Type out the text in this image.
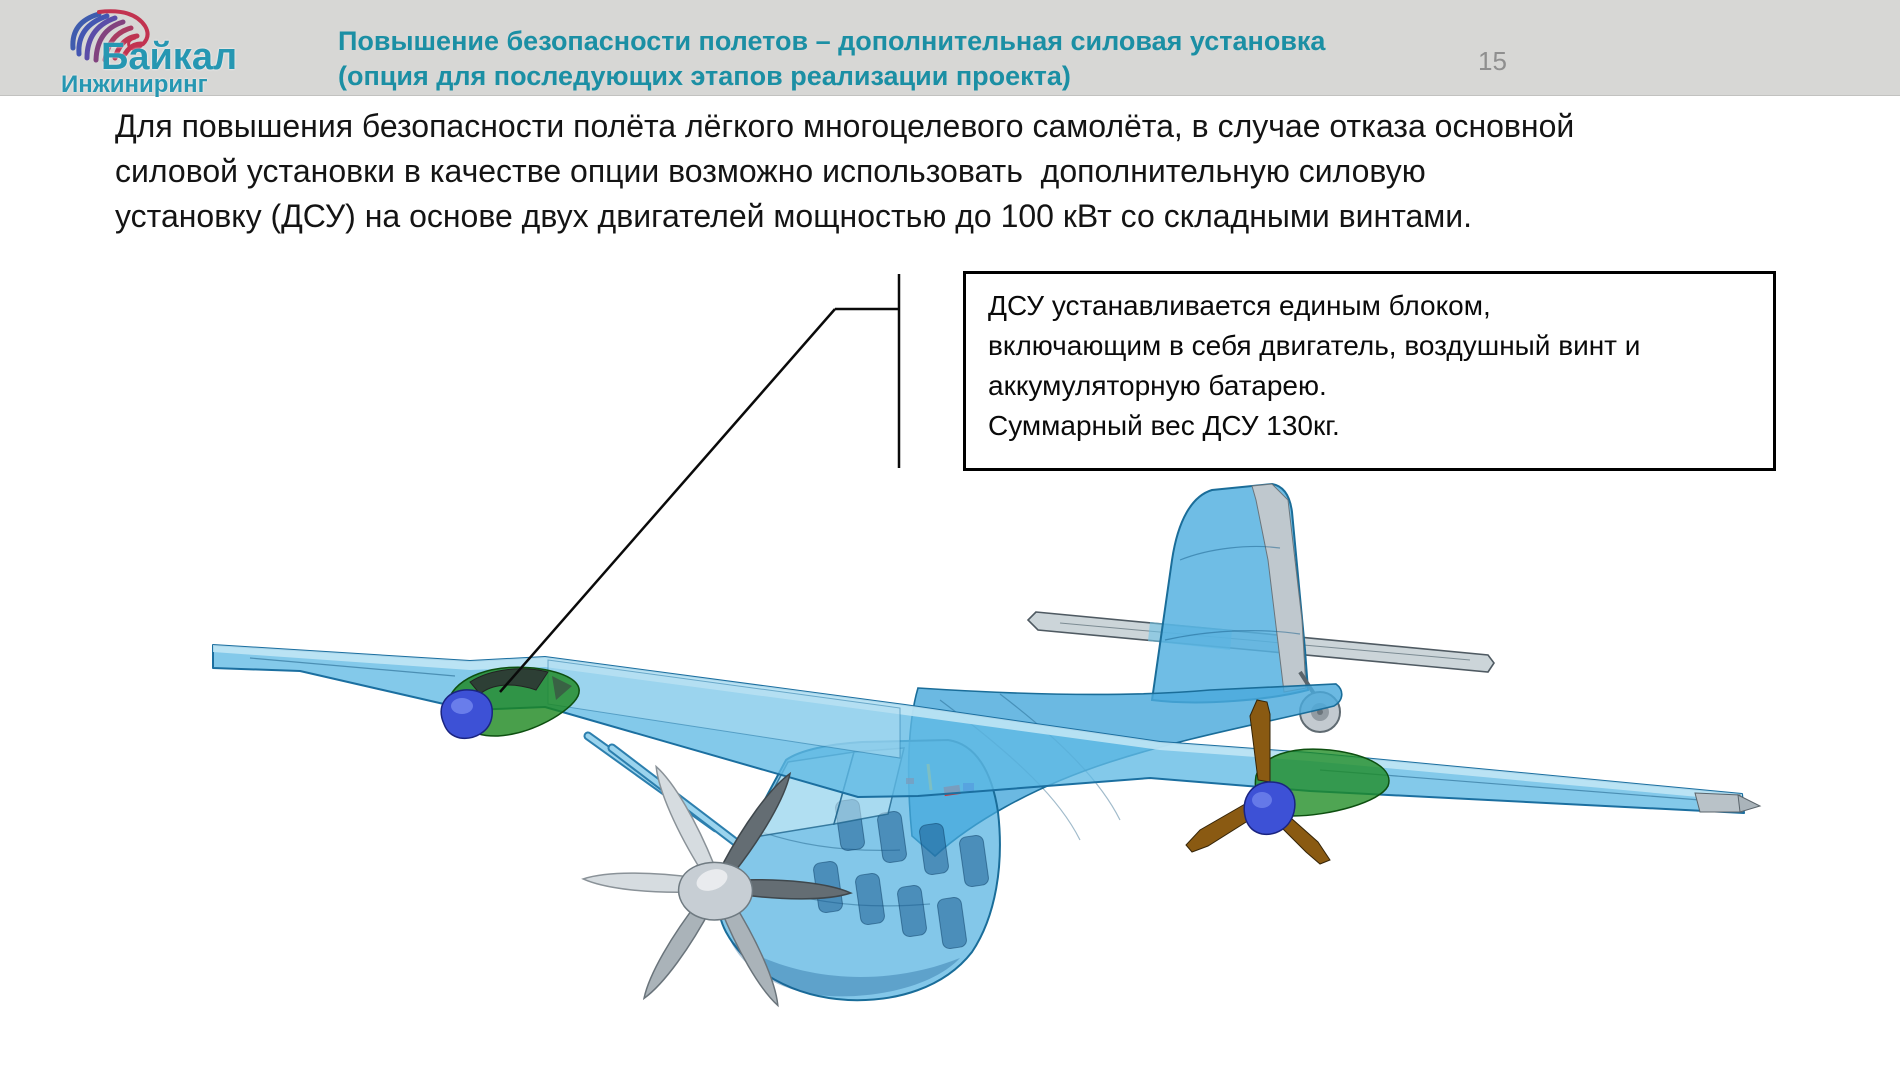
Байкал
Инжиниринг
Повышение безопасности полетов – дополнительная силовая установка
(опция для последующих этапов реализации проекта)	15
Для повышения безопасности полёта лёгкого многоцелевого самолёта, в случае отказа основной
силовой установки в качестве опции возможно использовать  дополнительную силовую
установку (ДСУ) на основе двух двигателей мощностью до 100 кВт со складными винтами.
ДСУ устанавливается единым блоком,
включающим в себя двигатель, воздушный винт и
аккумуляторную батарею.
Суммарный вес ДСУ 130кг.
